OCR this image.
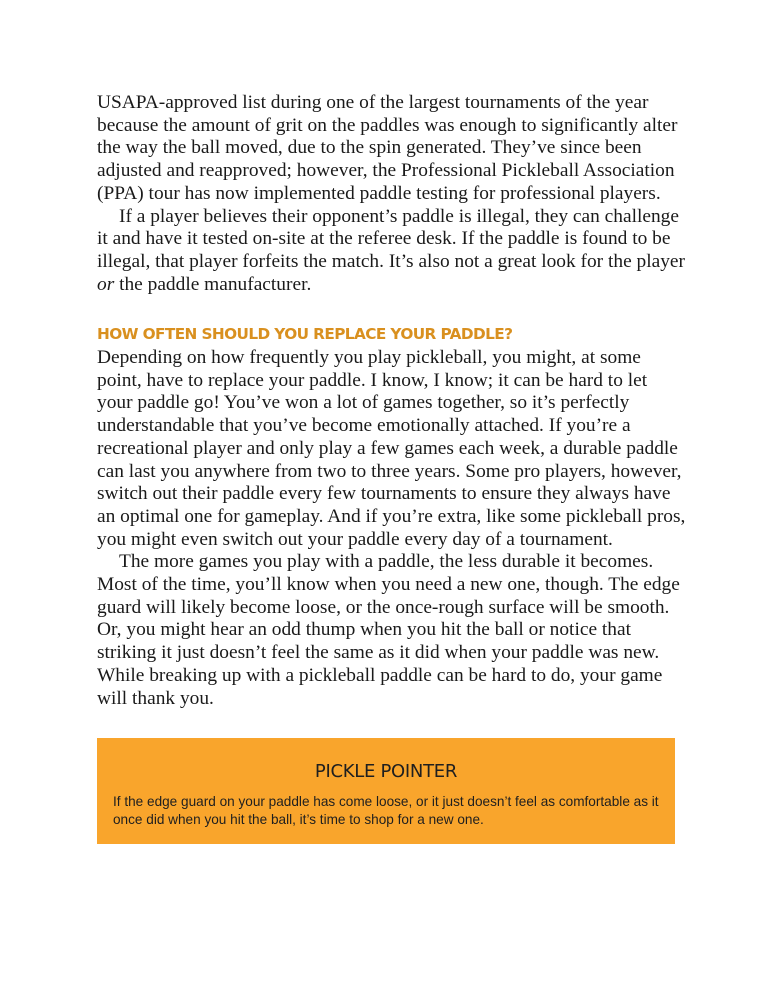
USAPA-approved list during one of the largest tournaments of the year because the amount of grit on the paddles was enough to significantly alter the way the ball moved, due to the spin generated. They’ve since been adjusted and reapproved; however, the Professional Pickleball Association (PPA) tour has now implemented paddle testing for professional players.

If a player believes their opponent’s paddle is illegal, they can challenge it and have it tested on-site at the referee desk. If the paddle is found to be illegal, that player forfeits the match. It’s also not a great look for the player or the paddle manufacturer.

HOW OFTEN SHOULD YOU REPLACE YOUR PADDLE?

Depending on how frequently you play pickleball, you might, at some point, have to replace your paddle. I know, I know; it can be hard to let your paddle go! You’ve won a lot of games together, so it’s perfectly understandable that you’ve become emotionally attached. If you’re a recreational player and only play a few games each week, a durable paddle can last you anywhere from two to three years. Some pro players, however, switch out their paddle every few tournaments to ensure they always have an optimal one for gameplay. And if you’re extra, like some pickleball pros, you might even switch out your paddle every day of a tournament.

The more games you play with a paddle, the less durable it becomes. Most of the time, you’ll know when you need a new one, though. The edge guard will likely become loose, or the once-rough surface will be smooth. Or, you might hear an odd thump when you hit the ball or notice that striking it just doesn’t feel the same as it did when your paddle was new. While breaking up with a pickleball paddle can be hard to do, your game will thank you.

PICKLE POINTER

If the edge guard on your paddle has come loose, or it just doesn’t feel as comfortable as it once did when you hit the ball, it’s time to shop for a new one.
